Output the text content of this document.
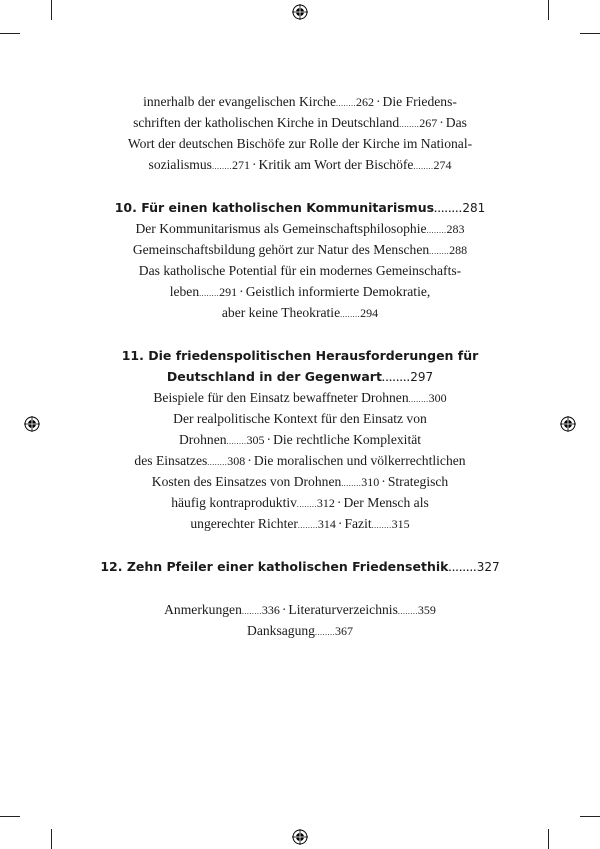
innerhalb der evangelischen Kirche........262 · Die Friedens-
schriften der katholischen Kirche in Deutschland........267 · Das
Wort der deutschen Bischöfe zur Rolle der Kirche im National-
sozialismus........271 · Kritik am Wort der Bischöfe........274
10. Für einen katholischen Kommunitarismus........281
Der Kommunitarismus als Gemeinschaftsphilosophie........283
Gemeinschaftsbildung gehört zur Natur des Menschen........288
Das katholische Potential für ein modernes Gemeinschafts-
leben........291 · Geistlich informierte Demokratie,
aber keine Theokratie........294
11. Die friedenspolitischen Herausforderungen für
Deutschland in der Gegenwart........297
Beispiele für den Einsatz bewaffneter Drohnen........300
Der realpolitische Kontext für den Einsatz von
Drohnen........305 · Die rechtliche Komplexität
des Einsatzes........308 · Die moralischen und völkerrechtlichen
Kosten des Einsatzes von Drohnen........310 · Strategisch
häufig kontraproduktiv........312 · Der Mensch als
ungerechter Richter........314 · Fazit........315
12. Zehn Pfeiler einer katholischen Friedensethik........327
Anmerkungen........336 · Literaturverzeichnis........359
Danksagung........367
